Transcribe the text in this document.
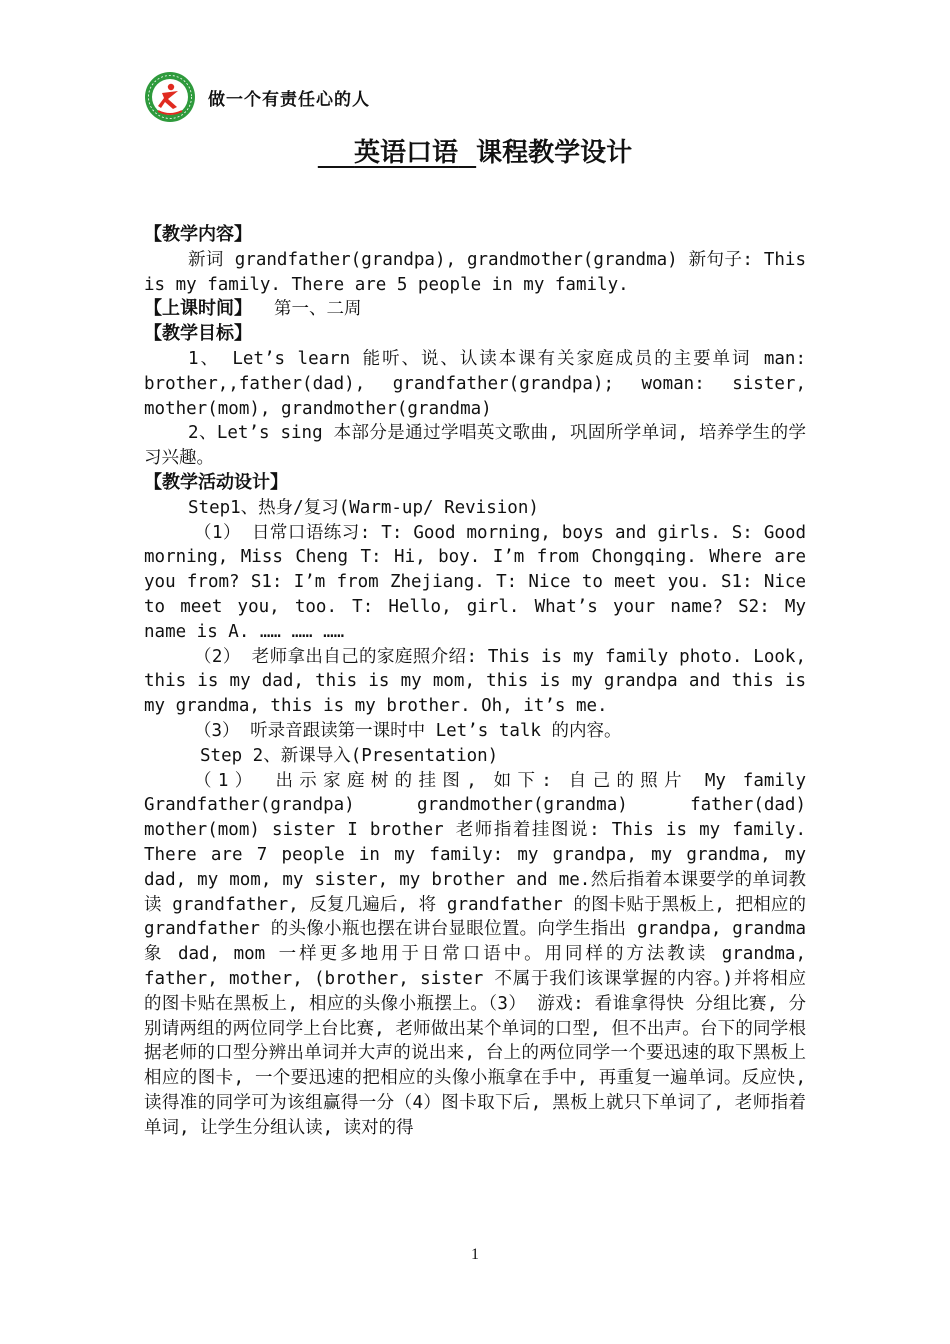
做一个有责任心的人
英语口语 课程教学设计

【教学内容】

新词 grandfather(grandpa), grandmother(grandma) 新句子: This is my family. There are 5 people in my family.

【上课时间】 第一、二周

【教学目标】

1、 Let’s learn 能听、说、认读本课有关家庭成员的主要单词 man: brother,,father(dad), grandfather(grandpa); woman: sister, mother(mom), grandmother(grandma)

2、Let’s sing 本部分是通过学唱英文歌曲, 巩固所学单词, 培养学生的学习兴趣。

【教学活动设计】

Step1、热身/复习(Warm-up/ Revision)

（1） 日常口语练习: T: Good morning, boys and girls. S: Good morning, Miss Cheng T: Hi, boy. I’m from Chongqing. Where are you from? S1: I’m from Zhejiang. T: Nice to meet you. S1: Nice to meet you, too. T: Hello, girl. What’s your name? S2: My name is A. …… …… ……

（2） 老师拿出自己的家庭照介绍: This is my family photo. Look, this is my dad, this is my mom, this is my grandpa and this is my grandma, this is my brother. Oh, it’s me.

（3） 听录音跟读第一课时中 Let’s talk 的内容。

Step 2、新课导入(Presentation)

（1） 出示家庭树的挂图, 如下: 自己的照片 My family Grandfather(grandpa) grandmother(grandma) father(dad) mother(mom) sister I brother 老师指着挂图说: This is my family. There are 7 people in my family: my grandpa, my grandma, my dad, my mom, my sister, my brother and me.然后指着本课要学的单词教读 grandfather, 反复几遍后, 将 grandfather 的图卡贴于黑板上, 把相应的 grandfather 的头像小瓶也摆在讲台显眼位置。向学生指出 grandpa, grandma 象 dad, mom 一样更多地用于日常口语中。用同样的方法教读 grandma, father, mother, (brother, sister 不属于我们该课掌握的内容。)并将相应的图卡贴在黑板上, 相应的头像小瓶摆上。（3） 游戏: 看谁拿得快 分组比赛, 分别请两组的两位同学上台比赛, 老师做出某个单词的口型, 但不出声。台下的同学根据老师的口型分辨出单词并大声的说出来, 台上的两位同学一个要迅速的取下黑板上相应的图卡, 一个要迅速的把相应的头像小瓶拿在手中, 再重复一遍单词。反应快, 读得准的同学可为该组赢得一分（4）图卡取下后, 黑板上就只下单词了, 老师指着单词, 让学生分组认读, 读对的得

1
